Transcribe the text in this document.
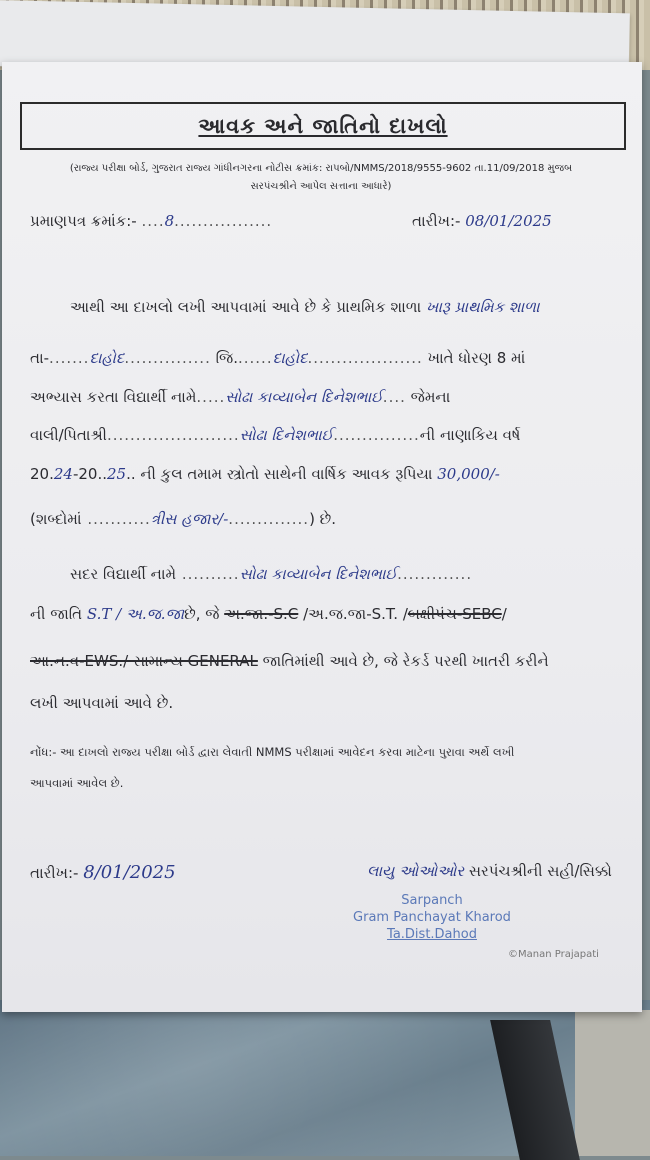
આવક અને જાતિનો દાખલો
(રાજ્ય પરીક્ષા બોર્ડ, ગુજરાત રાજ્ય ગાંધીનગરના નોટીસ ક્રમાંક: રાપબો/NMMS/2018/9555-9602 તા.11/09/2018 મુજબ
સરપંચશ્રીને આપેલ સત્તાના આધારે)
પ્રમાણપત્ર ક્રમાંક:- ....8.................	તારીખ:- 08/01/2025
આથી આ દાખલો લખી આપવામાં આવે છે કે પ્રાથમિક શાળા ખારૂ પ્રાથમિક શાળા
તા-.......દાહોદ............... જિ.......દાહોદ.................... ખાતે ધોરણ 8 માં
અભ્યાસ કરતા વિદ્યાર્થી નામે.....સોઢા કાવ્યાબેન દિનેશભાઈ.... જેમના
વાલી/પિતાશ્રી.......................સોઢા દિનેશભાઈ...............ની નાણાકિય વર્ષ
20.24-20..25.. ની કુલ તમામ સ્ત્રોતો સાથેની વાર્ષિક આવક રૂપિયા 30,000/-
(શબ્દોમાં ...........ત્રીસ હજાર/-..............) છે.
સદર વિદ્યાર્થી નામે ..........સોઢા કાવ્યાબેન દિનેશભાઈ.............
ની જાતિ S.T / અ.જ.જાછે, જે અ.જા.-S.C /અ.જ.જા-S.T. /બક્ષીપંચ-SEBC/
આ.ન.વ-EWS./ સામાન્ય GENERAL જાતિમાંથી આવે છે, જે રેકર્ડ પરથી ખાતરી કરીને
લખી આપવામાં આવે છે.
નોંધ:- આ દાખલો રાજ્ય પરીક્ષા બોર્ડ દ્વારા લેવાતી NMMS પરીક્ષામાં આવેદન કરવા માટેના પુરાવા અર્થે લખી
આપવામાં આવેલ છે.
તારીખ:- 8/01/2025	લાયુ ઓઓઓર સરપંચશ્રીની સહી/સિક્કો
Sarpanch
Gram Panchayat Kharod
Ta.Dist.Dahod
©Manan Prajapati
